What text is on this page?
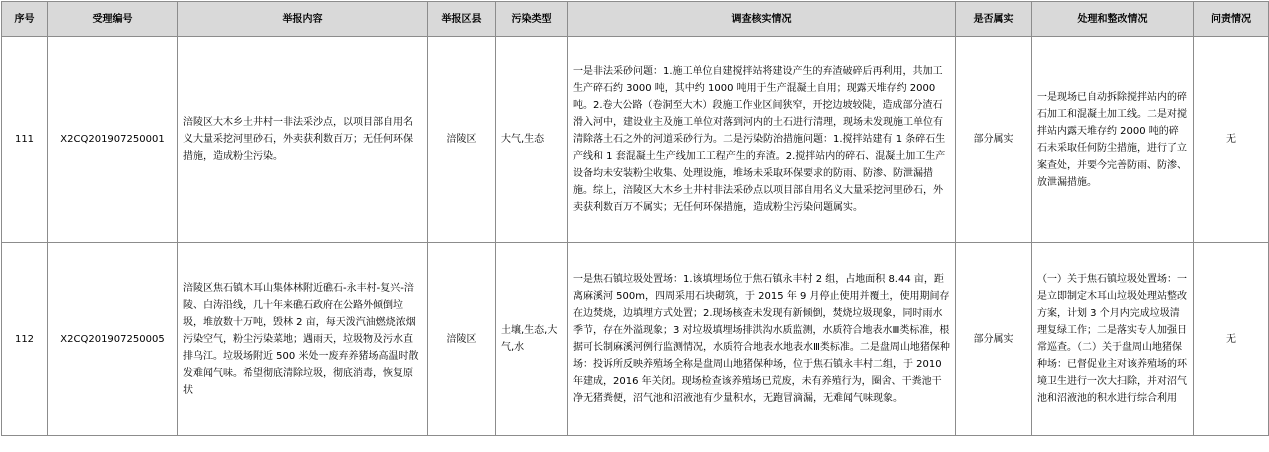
序号	受理编号	举报内容	举报区县	污染类型	调查核实情况	是否属实	处理和整改情况	问责情况
111	X2CQ201907250001	涪陵区大木乡土井村一非法采沙点，以项目部自用名义大量采挖河里砂石，外卖获利数百万；无任何环保措施，造成粉尘污染。	涪陵区	大气,生态	一是非法采砂问题：1.施工单位自建搅拌站将建设产生的弃渣破碎后再利用，共加工生产碎石约 3000 吨，其中约 1000 吨用于生产混凝土自用；现露天堆存约 2000 吨。2.卷大公路（卷洞至大木）段施工作业区间狭窄，开挖边坡较陡，造成部分渣石滑入河中，建设业主及施工单位对落到河内的土石进行清理，现场未发现施工单位有清除落土石之外的河道采砂行为。二是污染防治措施问题：1.搅拌站建有 1 条碎石生产线和 1 套混凝土生产线加工工程产生的弃渣。2.搅拌站内的碎石、混凝土加工生产设备均未安装粉尘收集、处理设施，堆场未采取环保要求的防雨、防渗、防泄漏措施。综上，涪陵区大木乡土井村非法采砂点以项目部自用名义大量采挖河里砂石，外卖获利数百万不属实；无任何环保措施，造成粉尘污染问题属实。	部分属实	一是现场已自动拆除搅拌站内的碎石加工和混凝土加工线。二是对搅拌站内露天堆存约 2000 吨的碎石未采取任何防尘措施，进行了立案查处，并要今完善防雨、防渗、放泄漏措施。	无
112	X2CQ201907250005	涪陵区焦石镇木耳山集体林附近礁石-永丰村-复兴-涪陵、白涛沿线，几十年来礁石政府在公路外倾倒垃圾，堆放数十万吨，毁林 2 亩，每天泼汽油燃烧浓烟污染空气，粉尘污染菜地；遇雨天，垃圾物及污水直排乌江。垃圾场附近 500 米处一废弃养猪场高温时散发难闻气味。希望彻底清除垃圾，彻底消毒，恢复原状	涪陵区	土壤,生态,大气,水	一是焦石镇垃圾处置场：1.该填埋场位于焦石镇永丰村 2 组，占地面积 8.44 亩，距离麻溪河 500m，四周采用石块砌筑，于 2015 年 9 月停止使用并覆土，使用期间存在边焚烧，边填埋方式处置；2.现场核查未发现有新倾倒，焚烧垃圾现象，同时雨水季节，存在外溢现象；3 对垃圾填埋场排洪沟水质监测，水质符合地表水Ⅲ类标准，根据可长制麻溪河例行监测情况，水质符合地表水地表水Ⅲ类标准。二是盘周山地猪保种场：投诉所反映养殖场全称是盘周山地猪保种场，位于焦石镇永丰村二组，于 2010 年建成，2016 年关闭。现场检查该养殖场已荒废，未有养殖行为，圈舍、干粪池干净无猪粪便，沼气池和沼液池有少量积水，无跑冒滴漏，无难闻气味现象。	部分属实	（一）关于焦石镇垃圾处置场：一是立即制定木耳山垃圾处理站整改方案，计划 3 个月内完成垃圾清理复绿工作；二是落实专人加强日常巡查。（二）关于盘周山地猪保种场：已督促业主对该养殖场的环境卫生进行一次大扫除，并对沼气池和沼液池的积水进行综合利用	无
